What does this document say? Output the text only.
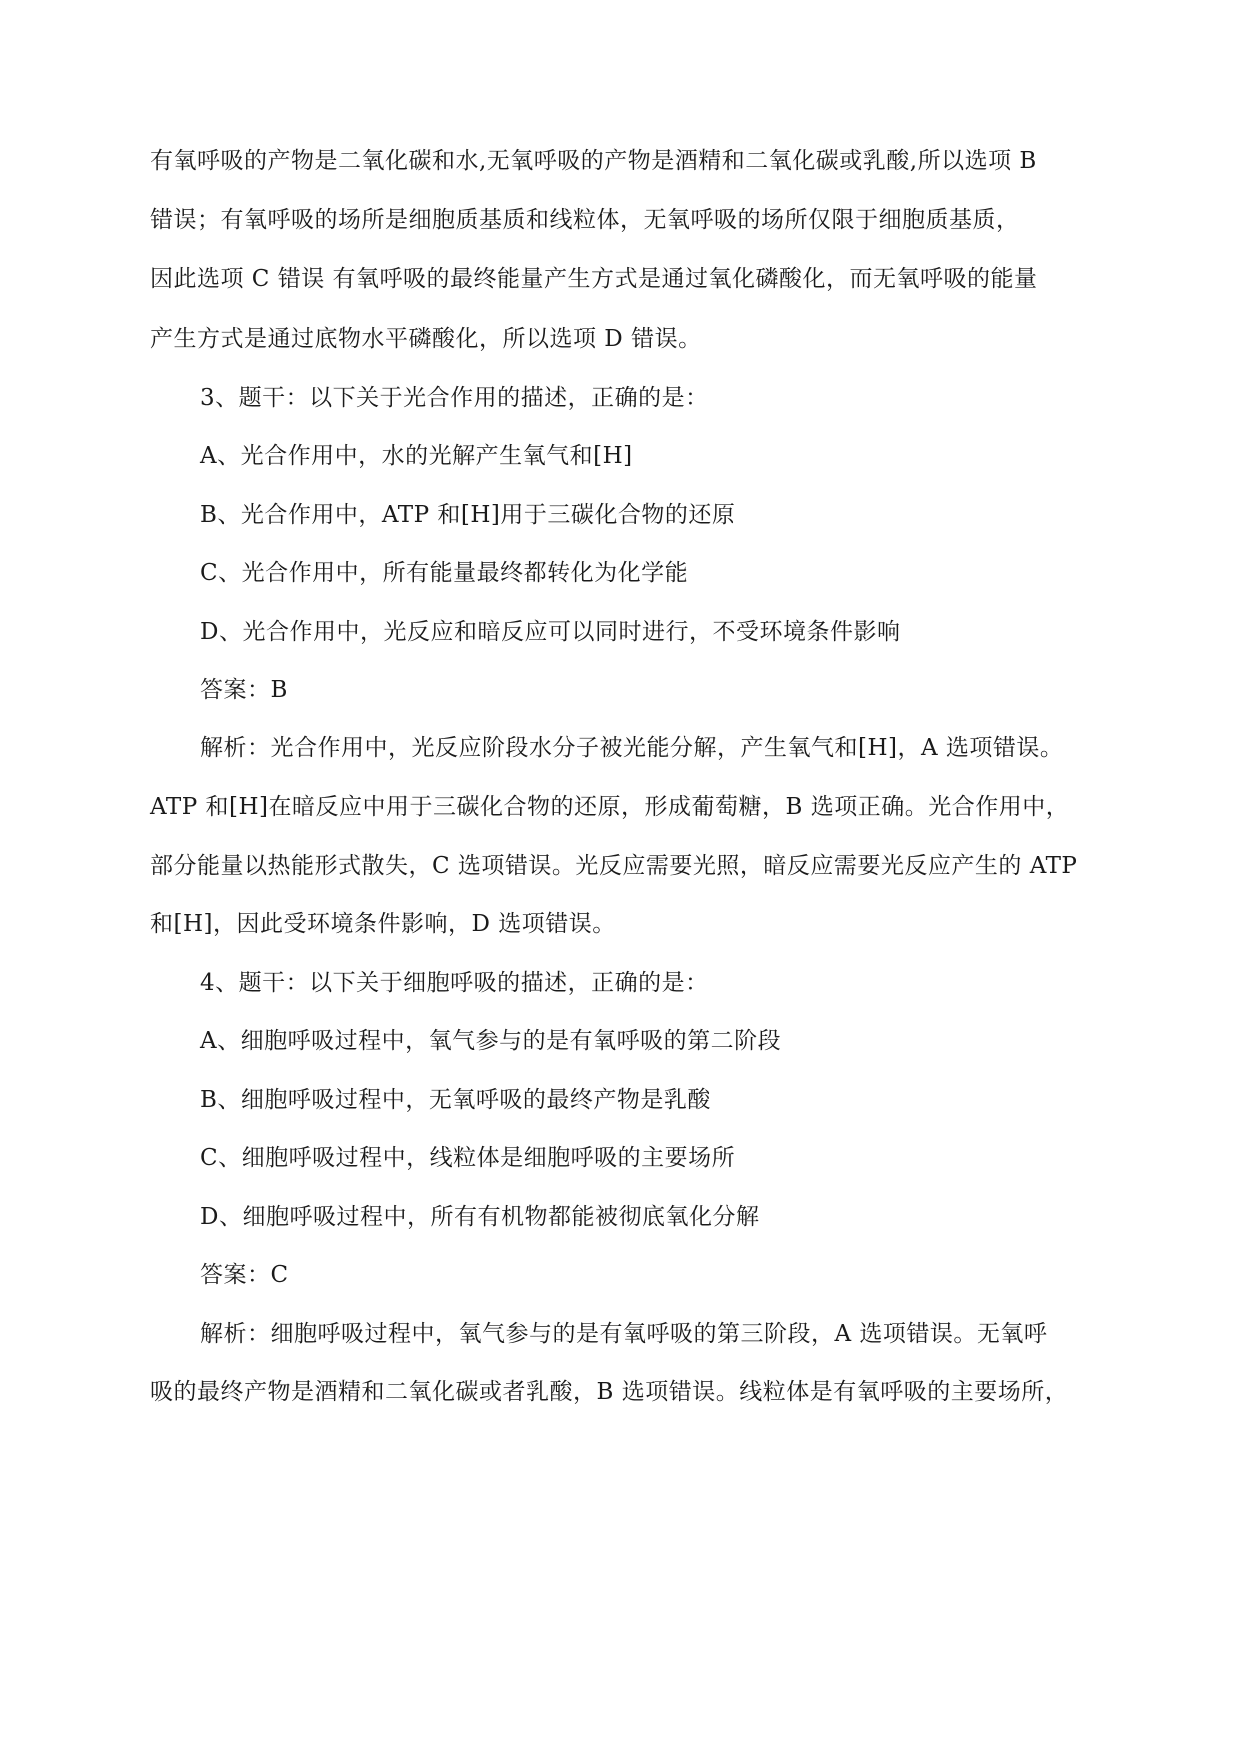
有氧呼吸的产物是二氧化碳和水,无氧呼吸的产物是酒精和二氧化碳或乳酸,所以选项 B
错误；有氧呼吸的场所是细胞质基质和线粒体，无氧呼吸的场所仅限于细胞质基质，
因此选项 C 错误 有氧呼吸的最终能量产生方式是通过氧化磷酸化，而无氧呼吸的能量
产生方式是通过底物水平磷酸化，所以选项 D 错误。
3、题干：以下关于光合作用的描述，正确的是：
A、光合作用中，水的光解产生氧气和[H]
B、光合作用中，ATP 和[H]用于三碳化合物的还原
C、光合作用中，所有能量最终都转化为化学能
D、光合作用中，光反应和暗反应可以同时进行，不受环境条件影响
答案：B
解析：光合作用中，光反应阶段水分子被光能分解，产生氧气和[H]，A 选项错误。
ATP 和[H]在暗反应中用于三碳化合物的还原，形成葡萄糖，B 选项正确。光合作用中，
部分能量以热能形式散失，C 选项错误。光反应需要光照，暗反应需要光反应产生的 ATP
和[H]，因此受环境条件影响，D 选项错误。
4、题干：以下关于细胞呼吸的描述，正确的是：
A、细胞呼吸过程中，氧气参与的是有氧呼吸的第二阶段
B、细胞呼吸过程中，无氧呼吸的最终产物是乳酸
C、细胞呼吸过程中，线粒体是细胞呼吸的主要场所
D、细胞呼吸过程中，所有有机物都能被彻底氧化分解
答案：C
解析：细胞呼吸过程中，氧气参与的是有氧呼吸的第三阶段，A 选项错误。无氧呼
吸的最终产物是酒精和二氧化碳或者乳酸，B 选项错误。线粒体是有氧呼吸的主要场所，
